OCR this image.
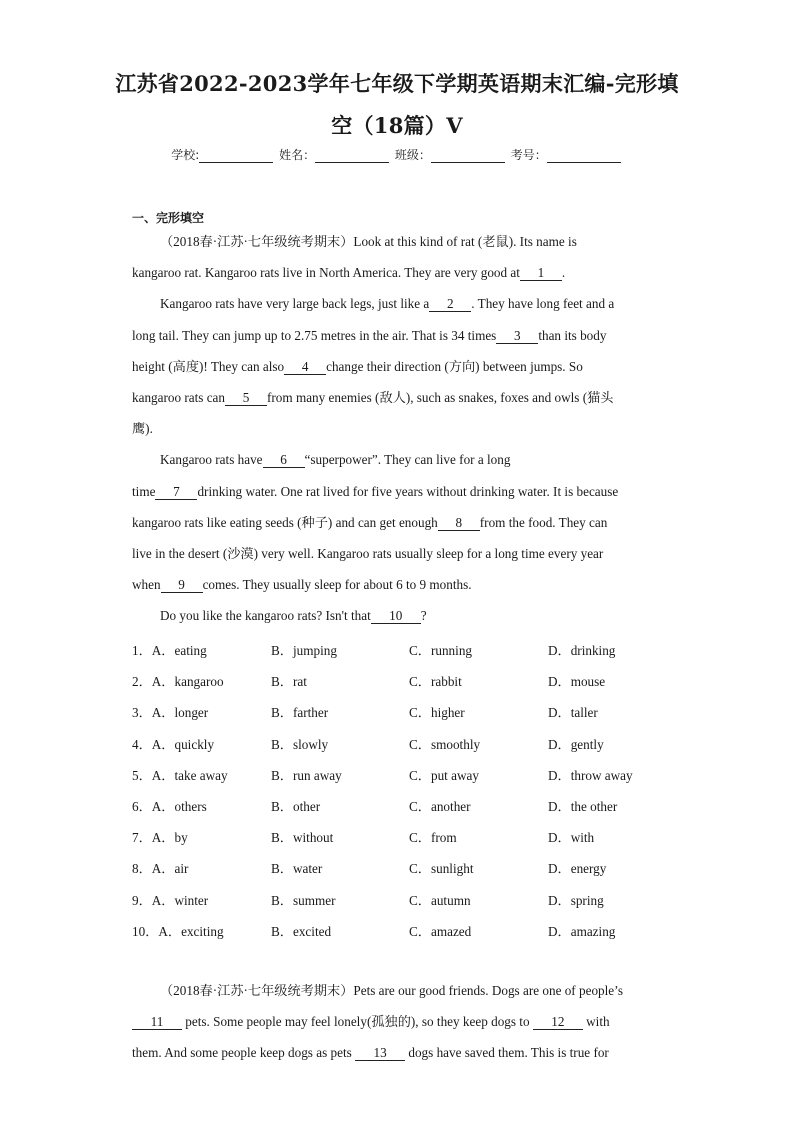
江苏省2022-2023学年七年级下学期英语期末汇编-完形填
空（18篇）V
学校:	姓名：	班级：	考号：
一、完形填空
（2018春·江苏·七年级统考期末）Look at this kind of rat (老鼠). Its name is
kangaroo rat. Kangaroo rats live in North America. They are very good at 1 .
Kangaroo rats have very large back legs, just like a 2 . They have long feet and a
long tail. They can jump up to 2.75 metres in the air. That is 34 times 3 than its body
height (高度)! They can also 4 change their direction (方向) between jumps. So
kangaroo rats can 5 from many enemies (敌人), such as snakes, foxes and owls (猫头
鹰).
Kangaroo rats have 6 “superpower”. They can live for a long
time 7 drinking water. One rat lived for five years without drinking water. It is because
kangaroo rats like eating seeds (种子) and can get enough 8 from the food. They can
live in the desert (沙漠) very well. Kangaroo rats usually sleep for a long time every year
when 9 comes. They usually sleep for about 6 to 9 months.
Do you like the kangaroo rats? Isn't that 10 ?
1．A．eating	B．jumping	C．running	D．drinking
2．A．kangaroo	B．rat	C．rabbit	D．mouse
3．A．longer	B．farther	C．higher	D．taller
4．A．quickly	B．slowly	C．smoothly	D．gently
5．A．take away	B．run away	C．put away	D．throw away
6．A．others	B．other	C．another	D．the other
7．A．by	B．without	C．from	D．with
8．A．air	B．water	C．sunlight	D．energy
9．A．winter	B．summer	C．autumn	D．spring
10．A．exciting	B．excited	C．amazed	D．amazing
（2018春·江苏·七年级统考期末）Pets are our good friends. Dogs are one of people’s
11 pets. Some people may feel lonely(孤独的), so they keep dogs to 12 with
them. And some people keep dogs as pets 13 dogs have saved them. This is true for
